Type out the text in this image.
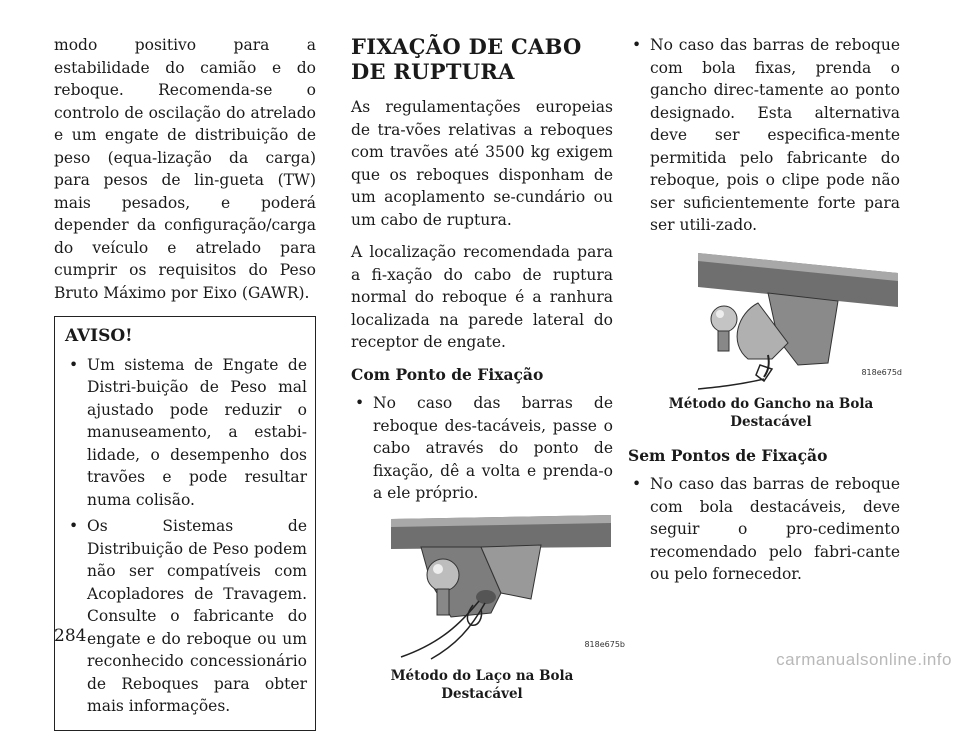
modo positivo para a estabilidade do camião e do reboque. Recomenda-se o controlo de oscilação do atrelado e um engate de distribuição de peso (equa-lização da carga) para pesos de lin-gueta (TW) mais pesados, e poderá depender da configuração/carga do veículo e atrelado para cumprir os requisitos do Peso Bruto Máximo por Eixo (GAWR).

AVISO!
• Um sistema de Engate de Distri-buição de Peso mal ajustado pode reduzir o manuseamento, a estabi-lidade, o desempenho dos travões e pode resultar numa colisão.
• Os Sistemas de Distribuição de Peso podem não ser compatíveis com Acopladores de Travagem. Consulte o fabricante do engate e do reboque ou um reconhecido concessionário de Reboques para obter mais informações.
FIXAÇÃO DE CABO DE RUPTURA

As regulamentações europeias de tra-vões relativas a reboques com travões até 3500 kg exigem que os reboques disponham de um acoplamento se-cundário ou um cabo de ruptura.

A localização recomendada para a fi-xação do cabo de ruptura normal do reboque é a ranhura localizada na parede lateral do receptor de engate.

Com Ponto de Fixação
• No caso das barras de reboque des-tacáveis, passe o cabo através do ponto de fixação, dê a volta e prenda-o a ele próprio.
818e675b
Método do Laço na Bola Destacável
• No caso das barras de reboque com bola fixas, prenda o gancho direc-tamente ao ponto designado. Esta alternativa deve ser especifica-mente permitida pelo fabricante do reboque, pois o clipe pode não ser suficientemente forte para ser utili-zado.
818e675d
Método do Gancho na Bola Destacável
Sem Pontos de Fixação
• No caso das barras de reboque com bola destacáveis, deve seguir o pro-cedimento recomendado pelo fabri-cante ou pelo fornecedor.
284
carmanualsonline.info
